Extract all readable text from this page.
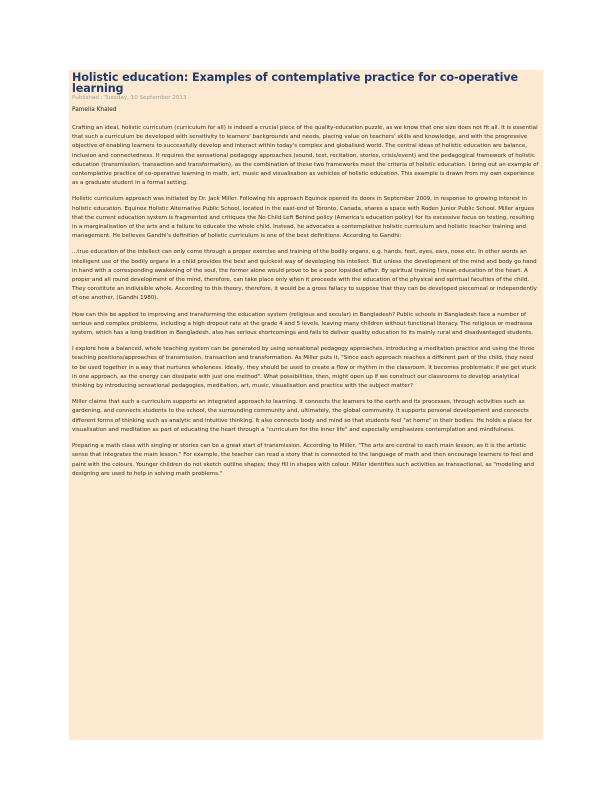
Holistic education: Examples of contemplative practice for co-operative learning
Published : Tuesday, 10 September 2013
Pamelia Khaled

Crafting an ideal, holistic curriculum (curriculum for all) is indeed a crucial piece of the quality-education puzzle, as we know that one size does not fit all. It is essential that such a curriculum be developed with sensitivity to learners' backgrounds and needs, placing value on teachers' skills and knowledge, and with the progressive objective of enabling learners to successfully develop and interact within today's complex and globalised world. The central ideas of holistic education are balance, inclusion and connectedness. It requires the sensational pedagogy approaches (sound, test, recitation, stories, crisis/event) and the pedagogical framework of holistic education (transmission, transaction and transformation), as the combination of these two frameworks meet the criteria of holistic education. I bring out an example of contemplative practice of co-operative learning in math, art, music and visualisation as vehicles of holistic education. This example is drawn from my own experience as a graduate student in a formal setting.

Holistic curriculum approach was initiated by Dr. Jack Miller. Following his approach Equinox opened its doors in September 2009, in response to growing interest in holistic education. Equinox Holistic Alternative Public School, located in the east-end of Toronto, Canada, shares a space with Roden Junior Public School. Miller argues that the current education system is fragmented and critiques the No Child Left Behind policy (America's education policy) for its excessive focus on testing, resulting in a marginalisation of the arts and a failure to educate the whole child. Instead, he advocates a contemplative holistic curriculum and holistic teacher training and management. He believes Gandhi's definition of holistic curriculum is one of the best definitions. According to Gandhi:

...true education of the intellect can only come through a proper exercise and training of the bodily organs, e.g. hands, feet, eyes, ears, nose etc. In other words an intelligent use of the bodily organs in a child provides the best and quickest way of developing his intellect. But unless the development of the mind and body go hand in hand with a corresponding awakening of the soul, the former alone would prove to be a poor lopsided affair. By spiritual training I mean education of the heart. A proper and all round development of the mind, therefore, can take place only when it proceeds with the education of the physical and spiritual faculties of the child. They constitute an indivisible whole. According to this theory, therefore, it would be a gross fallacy to suppose that they can be developed piecemeal or independently of one another, (Gandhi 1980).

How can this be applied to improving and transforming the education system (religious and secular) in Bangladesh? Public schools in Bangladesh face a number of serious and complex problems, including a high dropout rate at the grade 4 and 5 levels, leaving many children without functional literacy. The religious or madrassa system, which has a long tradition in Bangladesh, also has serious shortcomings and fails to deliver quality education to its mainly rural and disadvantaged students.

I explore how a balanced, whole teaching system can be generated by using sensational pedagogy approaches, introducing a meditation practice and using the three teaching positions/approaches of transmission, transaction and transformation. As Miller puts it, "Since each approach reaches a different part of the child, they need to be used together in a way that nurtures wholeness. Ideally, they should be used to create a flow or rhythm in the classroom. It becomes problematic if we get stuck in one approach, as the energy can dissipate with just one method". What possibilities, then, might open up if we construct our classrooms to develop analytical thinking by introducing sensational pedagogies, meditation, art, music, visualisation and practice with the subject matter?

Miller claims that such a curriculum supports an integrated approach to learning. It connects the learners to the earth and its processes, through activities such as gardening, and connects students to the school, the surrounding community and, ultimately, the global community. It supports personal development and connects different forms of thinking such as analytic and intuitive thinking. It also connects body and mind so that students feel "at home" in their bodies. He holds a place for visualisation and meditation as part of educating the heart through a "curriculum for the inner life" and especially emphasizes contemplation and mindfulness.

Preparing a math class with singing or stories can be a great start of transmission. According to Miller, "The arts are central to each main lesson, as it is the artistic sense that integrates the main lesson." For example, the teacher can read a story that is connected to the language of math and then encourage learners to feel and paint with the colours. Younger children do not sketch outline shapes; they fill in shapes with colour. Miller identifies such activities as transactional, as "modeling and designing are used to help in solving math problems."
